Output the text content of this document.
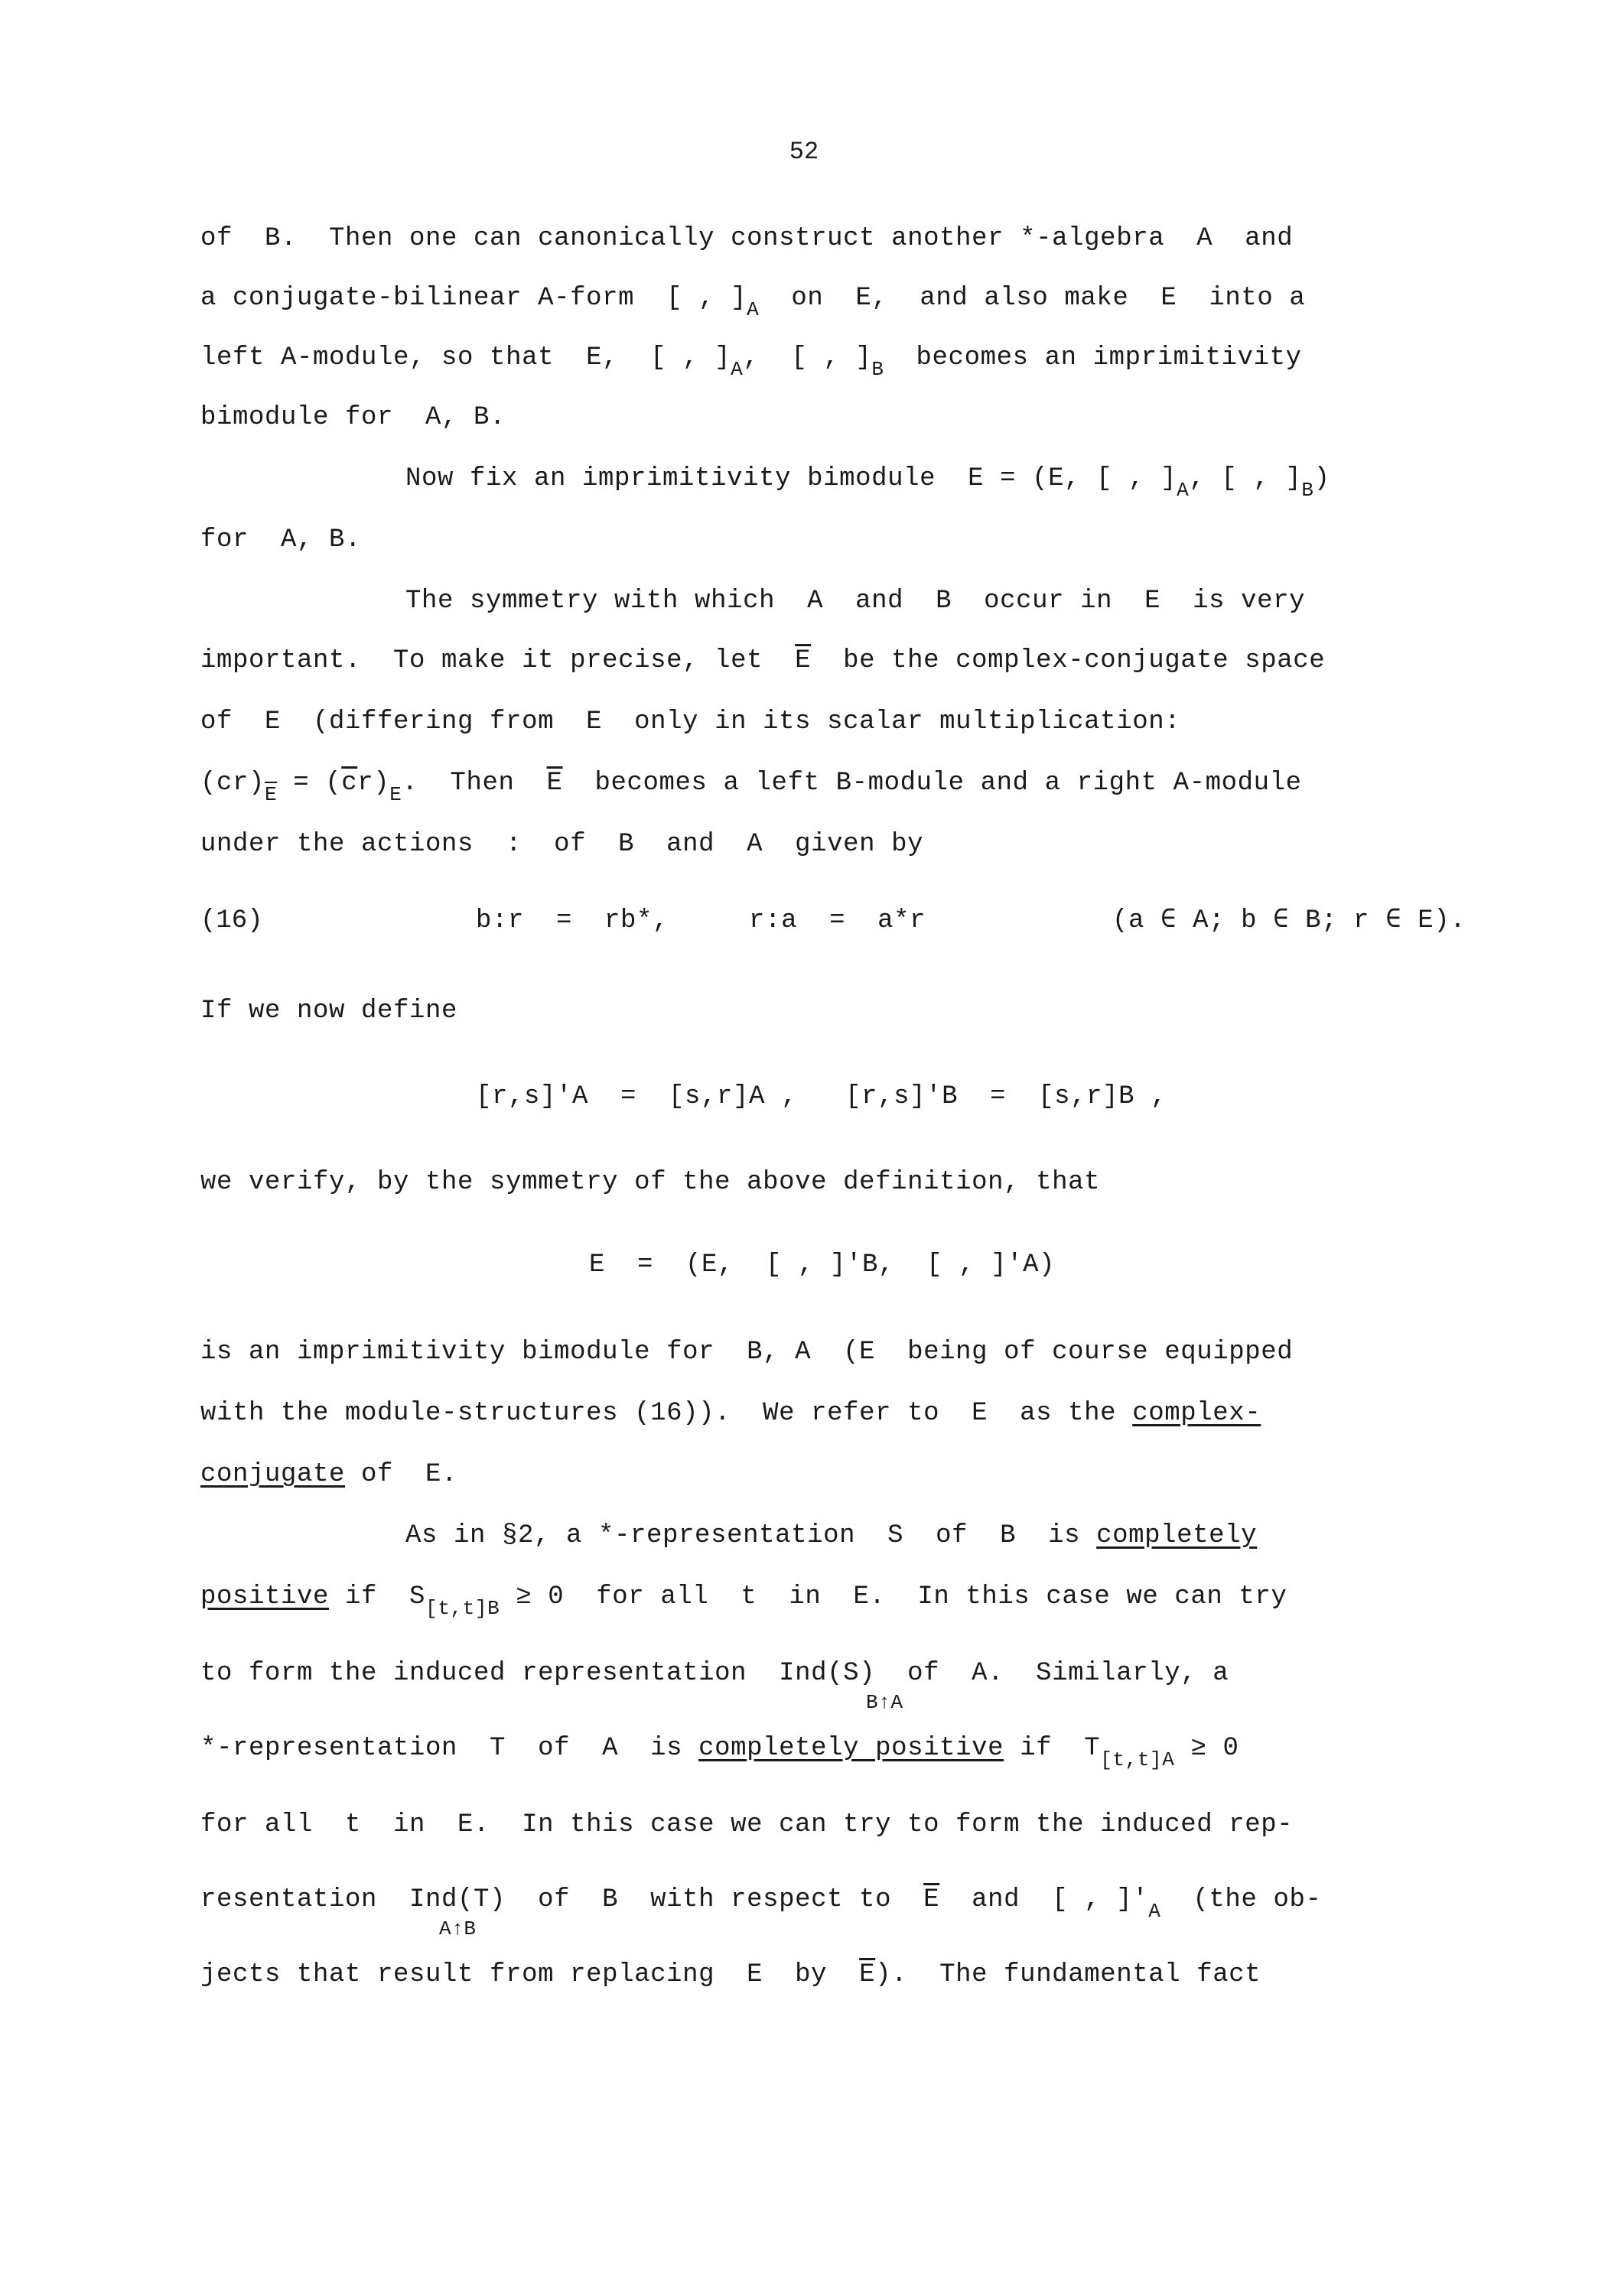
52
of  B.  Then one can canonically construct another *-algebra  A  and
a conjugate-bilinear A-form  [ , ]$_A$  on  E,  and also make  E  into a
left A-module, so that  E,  [ , ]$_A$,  [ , ]$_B$  becomes an imprimitivity
bimodule for  A, B.
Now fix an imprimitivity bimodule  E = (E, [ , ]$_A$, [ , ]$_B$)
for  A, B.
The symmetry with which  A  and  B  occur in  E  is very
important.  To make it precise, let  $\overline{E}$  be the complex-conjugate space
of  E  (differing from  E  only in its scalar multiplication:
$(cr)_{\overline{E}} = (\overline{c}r)_E$.  Then  $\overline{E}$  becomes a left B-module and a right A-module
under the actions  :  of  B  and  A  given by
(16)	b:r  =  rb*,     r:a  =  a*r	(a ∈ A; b ∈ B; r ∈ E).
If we now define
[r,s]'A  =  [s,r]A ,   [r,s]'B  =  [s,r]B ,
we verify, by the symmetry of the above definition, that
E  =  (E,  [ , ]'B,  [ , ]'A)
is an imprimitivity bimodule for  B, A  (E  being of course equipped
with the module-structures (16)).  We refer to  E  as the complex-
conjugate of  E.
As in §2, a *-representation  S  of  B  is completely
positive if  $S_{[t,t]B} \ge 0$  for all  t  in  E.  In this case we can try
to form the induced representation  Ind(S)  of  A.  Similarly, a
B↑A
*-representation  T  of  A  is completely positive if  $T_{[t,t]A} \ge 0$
for all  t  in  E.  In this case we can try to form the induced rep-
resentation  Ind(T)  of  B  with respect to  $\overline{E}$  and  [ , ]'$_A$  (the ob-
A↑B
jects that result from replacing  E  by  $\overline{E}$).  The fundamental fact
